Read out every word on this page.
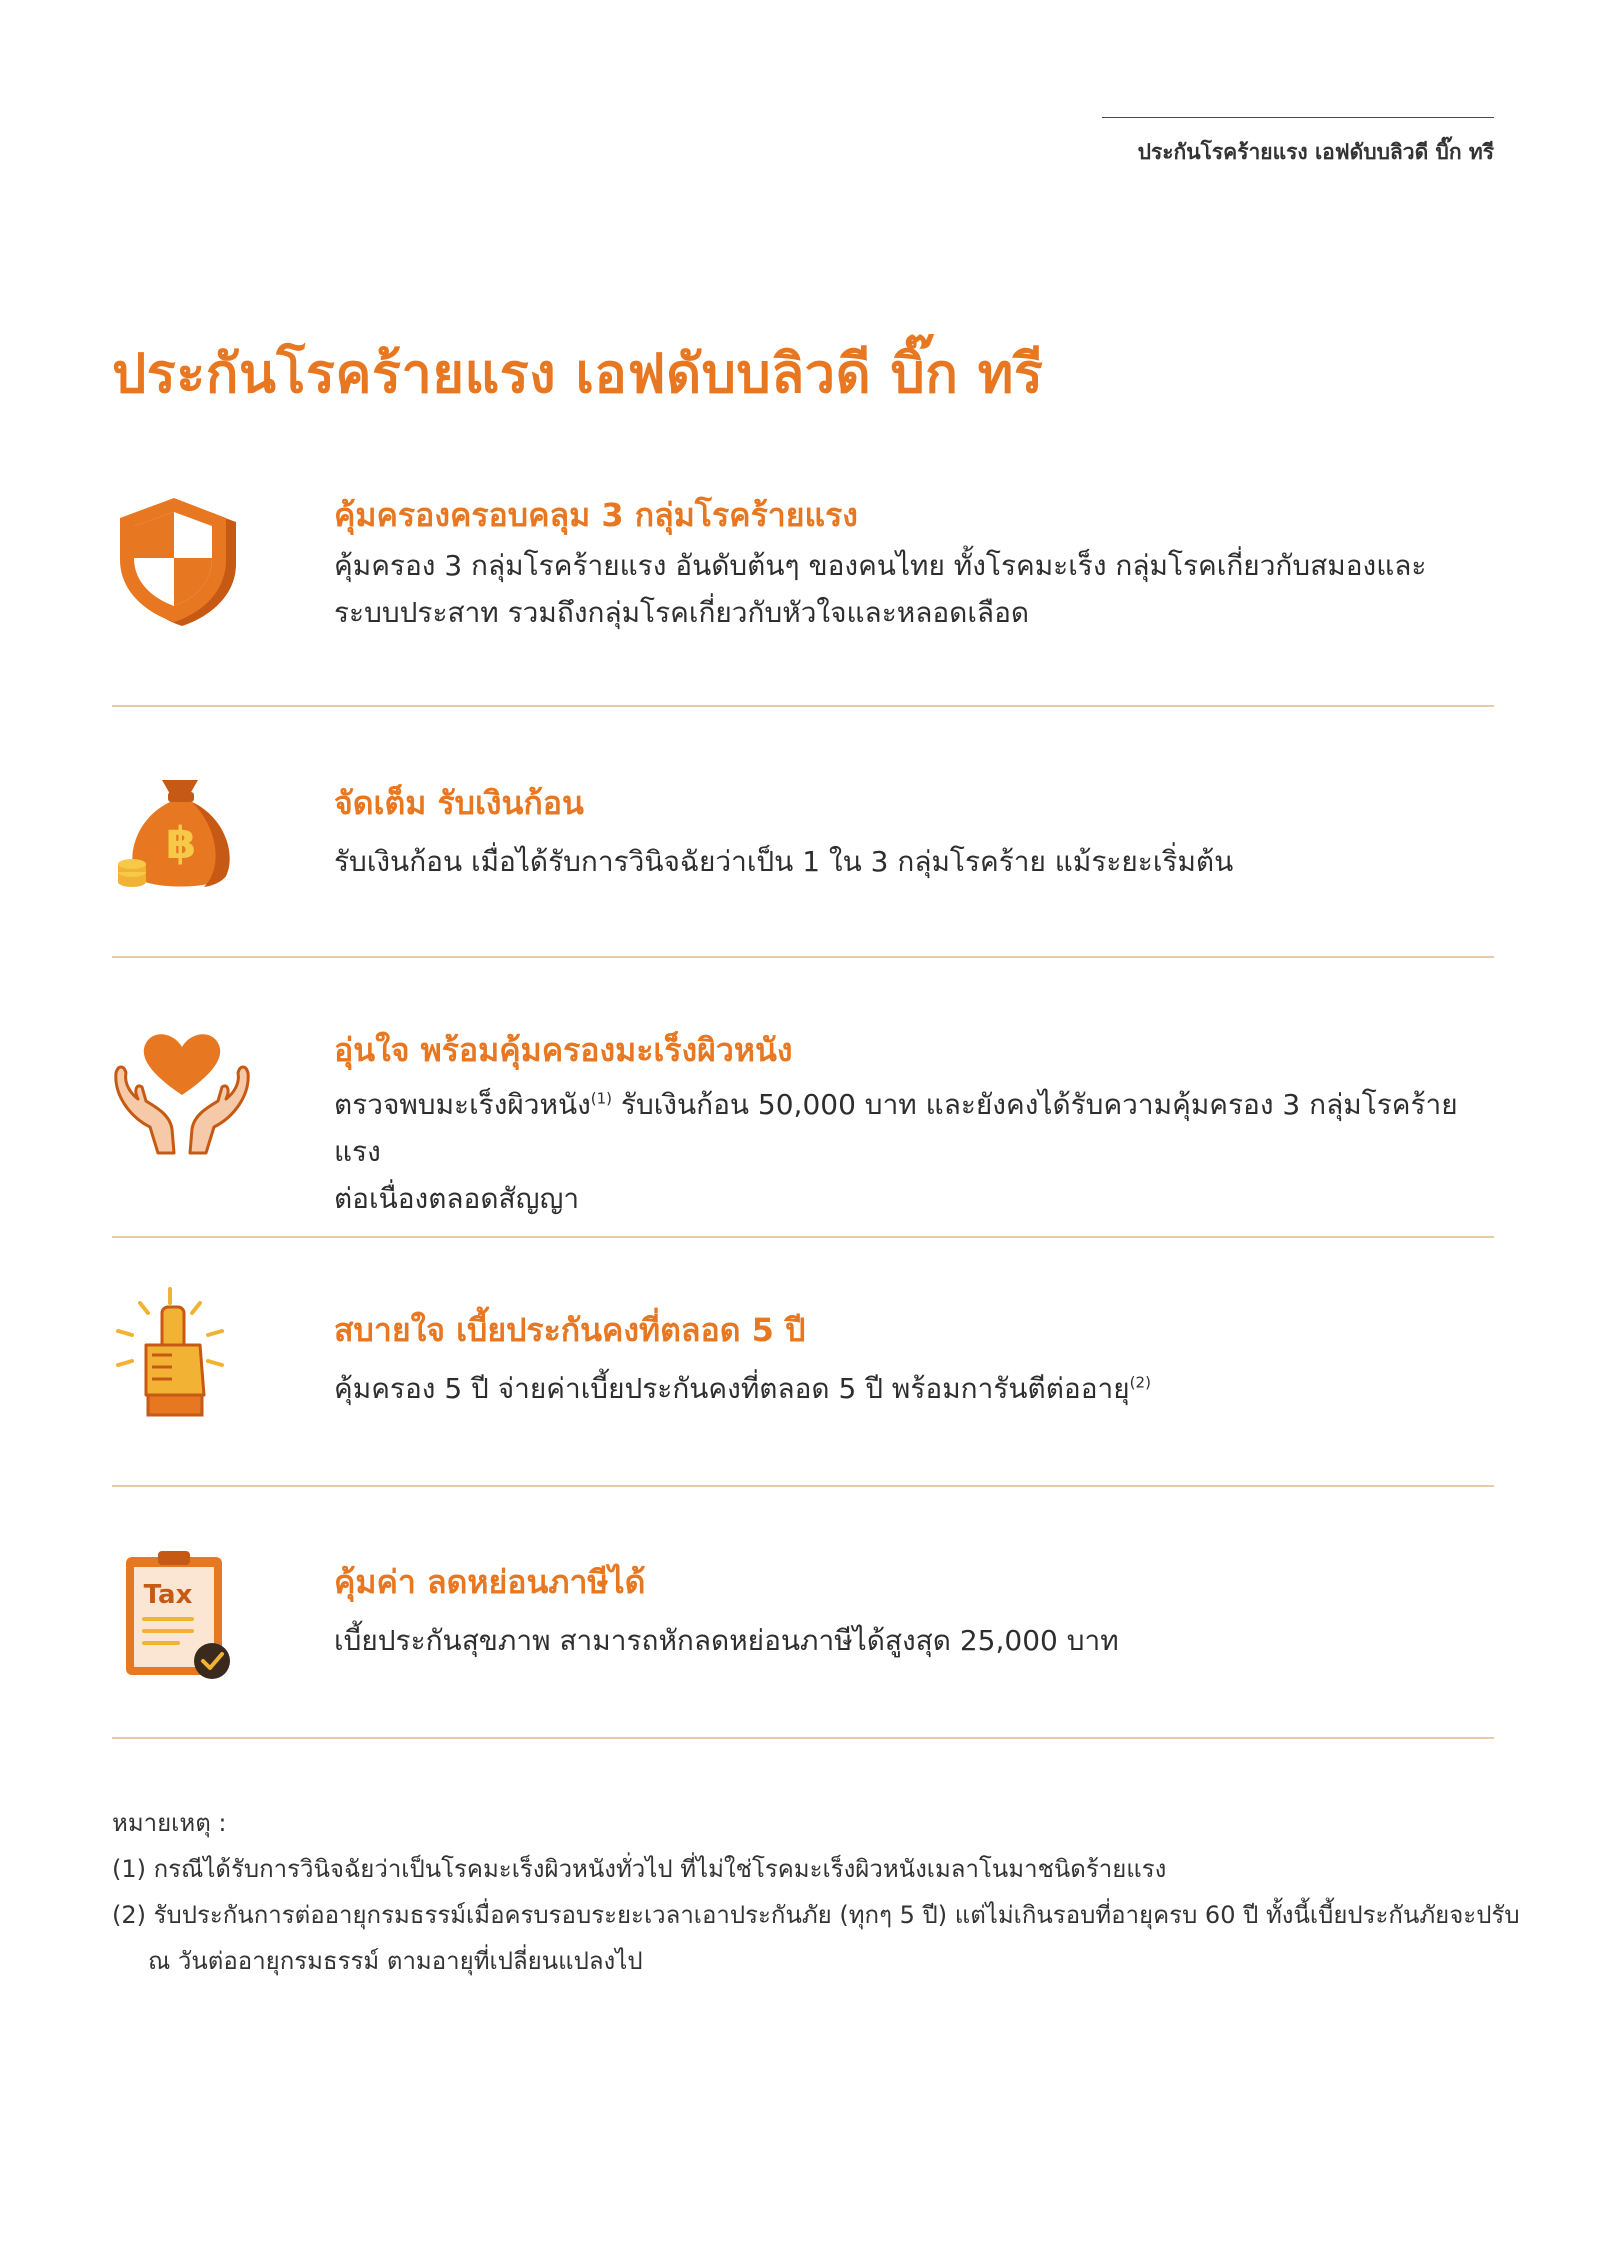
ประกันโรคร้ายแรง เอฟดับบลิวดี บิ๊ก ทรี
ประกันโรคร้ายแรง เอฟดับบลิวดี บิ๊ก ทรี
คุ้มครองครอบคลุม 3 กลุ่มโรคร้ายแรง
คุ้มครอง 3 กลุ่มโรคร้ายแรง อันดับต้นๆ ของคนไทย ทั้งโรคมะเร็ง กลุ่มโรคเกี่ยวกับสมองและ
ระบบประสาท รวมถึงกลุ่มโรคเกี่ยวกับหัวใจและหลอดเลือด
฿
จัดเต็ม รับเงินก้อน
รับเงินก้อน เมื่อได้รับการวินิจฉัยว่าเป็น 1 ใน 3 กลุ่มโรคร้าย แม้ระยะเริ่มต้น
อุ่นใจ พร้อมคุ้มครองมะเร็งผิวหนัง
ตรวจพบมะเร็งผิวหนัง$^{(1)}$ รับเงินก้อน 50,000 บาท และยังคงได้รับความคุ้มครอง 3 กลุ่มโรคร้ายแรง
ต่อเนื่องตลอดสัญญา
สบายใจ เบี้ยประกันคงที่ตลอด 5 ปี
คุ้มครอง 5 ปี จ่ายค่าเบี้ยประกันคงที่ตลอด 5 ปี พร้อมการันตีต่ออายุ$^{(2)}$
Tax	คุ้มค่า ลดหย่อนภาษีได้
เบี้ยประกันสุขภาพ สามารถหักลดหย่อนภาษีได้สูงสุด 25,000 บาท
หมายเหตุ :
(1) กรณีได้รับการวินิจฉัยว่าเป็นโรคมะเร็งผิวหนังทั่วไป ที่ไม่ใช่โรคมะเร็งผิวหนังเมลาโนมาชนิดร้ายแรง
(2) รับประกันการต่ออายุกรมธรรม์เมื่อครบรอบระยะเวลาเอาประกันภัย (ทุกๆ 5 ปี) แต่ไม่เกินรอบที่อายุครบ 60 ปี ทั้งนี้เบี้ยประกันภัยจะปรับ
ณ วันต่ออายุกรมธรรม์ ตามอายุที่เปลี่ยนแปลงไป
